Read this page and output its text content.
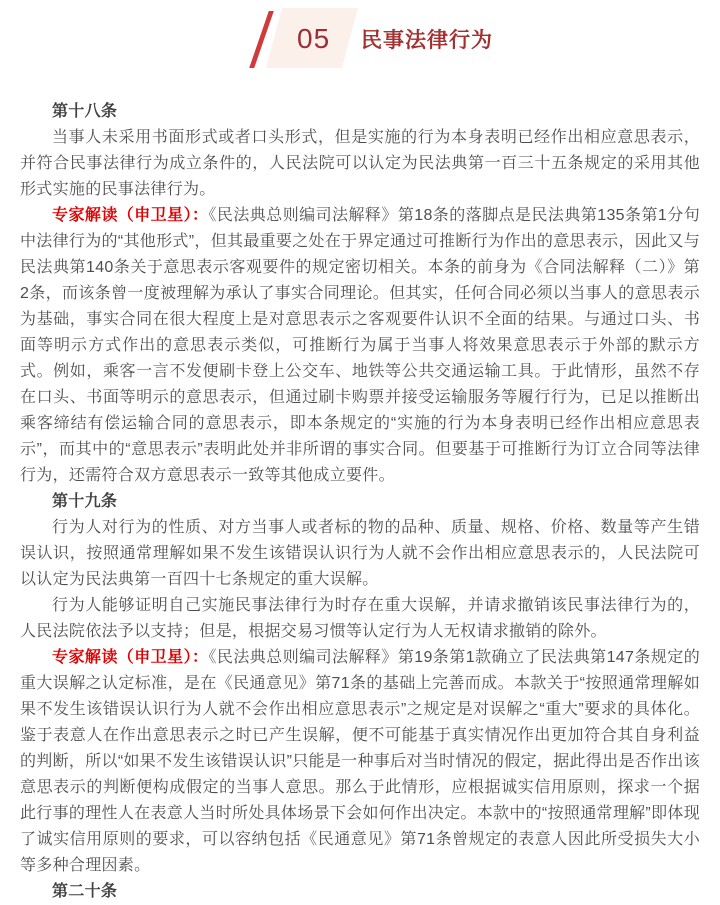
05 民事法律行为

第十八条

当事人未采用书面形式或者口头形式，但是实施的行为本身表明已经作出相应意思表示，并符合民事法律行为成立条件的，人民法院可以认定为民法典第一百三十五条规定的采用其他形式实施的民事法律行为。

专家解读（申卫星）：《民法典总则编司法解释》第18条的落脚点是民法典第135条第1分句中法律行为的“其他形式”，但其最重要之处在于界定通过可推断行为作出的意思表示，因此又与民法典第140条关于意思表示客观要件的规定密切相关。本条的前身为《合同法解释（二）》第2条，而该条曾一度被理解为承认了事实合同理论。但其实，任何合同必须以当事人的意思表示为基础，事实合同在很大程度上是对意思表示之客观要件认识不全面的结果。与通过口头、书面等明示方式作出的意思表示类似，可推断行为属于当事人将效果意思表示于外部的默示方式。例如，乘客一言不发便刷卡登上公交车、地铁等公共交通运输工具。于此情形，虽然不存在口头、书面等明示的意思表示，但通过刷卡购票并接受运输服务等履行行为，已足以推断出乘客缔结有偿运输合同的意思表示，即本条规定的“实施的行为本身表明已经作出相应意思表示”，而其中的“意思表示”表明此处并非所谓的事实合同。但要基于可推断行为订立合同等法律行为，还需符合双方意思表示一致等其他成立要件。

第十九条

行为人对行为的性质、对方当事人或者标的物的品种、质量、规格、价格、数量等产生错误认识，按照通常理解如果不发生该错误认识行为人就不会作出相应意思表示的，人民法院可以认定为民法典第一百四十七条规定的重大误解。

行为人能够证明自己实施民事法律行为时存在重大误解，并请求撤销该民事法律行为的，人民法院依法予以支持；但是，根据交易习惯等认定行为人无权请求撤销的除外。

专家解读（申卫星）：《民法典总则编司法解释》第19条第1款确立了民法典第147条规定的重大误解之认定标准，是在《民通意见》第71条的基础上完善而成。本款关于“按照通常理解如果不发生该错误认识行为人就不会作出相应意思表示”之规定是对误解之“重大”要求的具体化。鉴于表意人在作出意思表示之时已产生误解，便不可能基于真实情况作出更加符合其自身利益的判断，所以“如果不发生该错误认识”只能是一种事后对当时情况的假定，据此得出是否作出该意思表示的判断便构成假定的当事人意思。那么于此情形，应根据诚实信用原则，探求一个据此行事的理性人在表意人当时所处具体场景下会如何作出决定。本款中的“按照通常理解”即体现了诚实信用原则的要求，可以容纳包括《民通意见》第71条曾规定的表意人因此所受损失大小等多种合理因素。

第二十条
